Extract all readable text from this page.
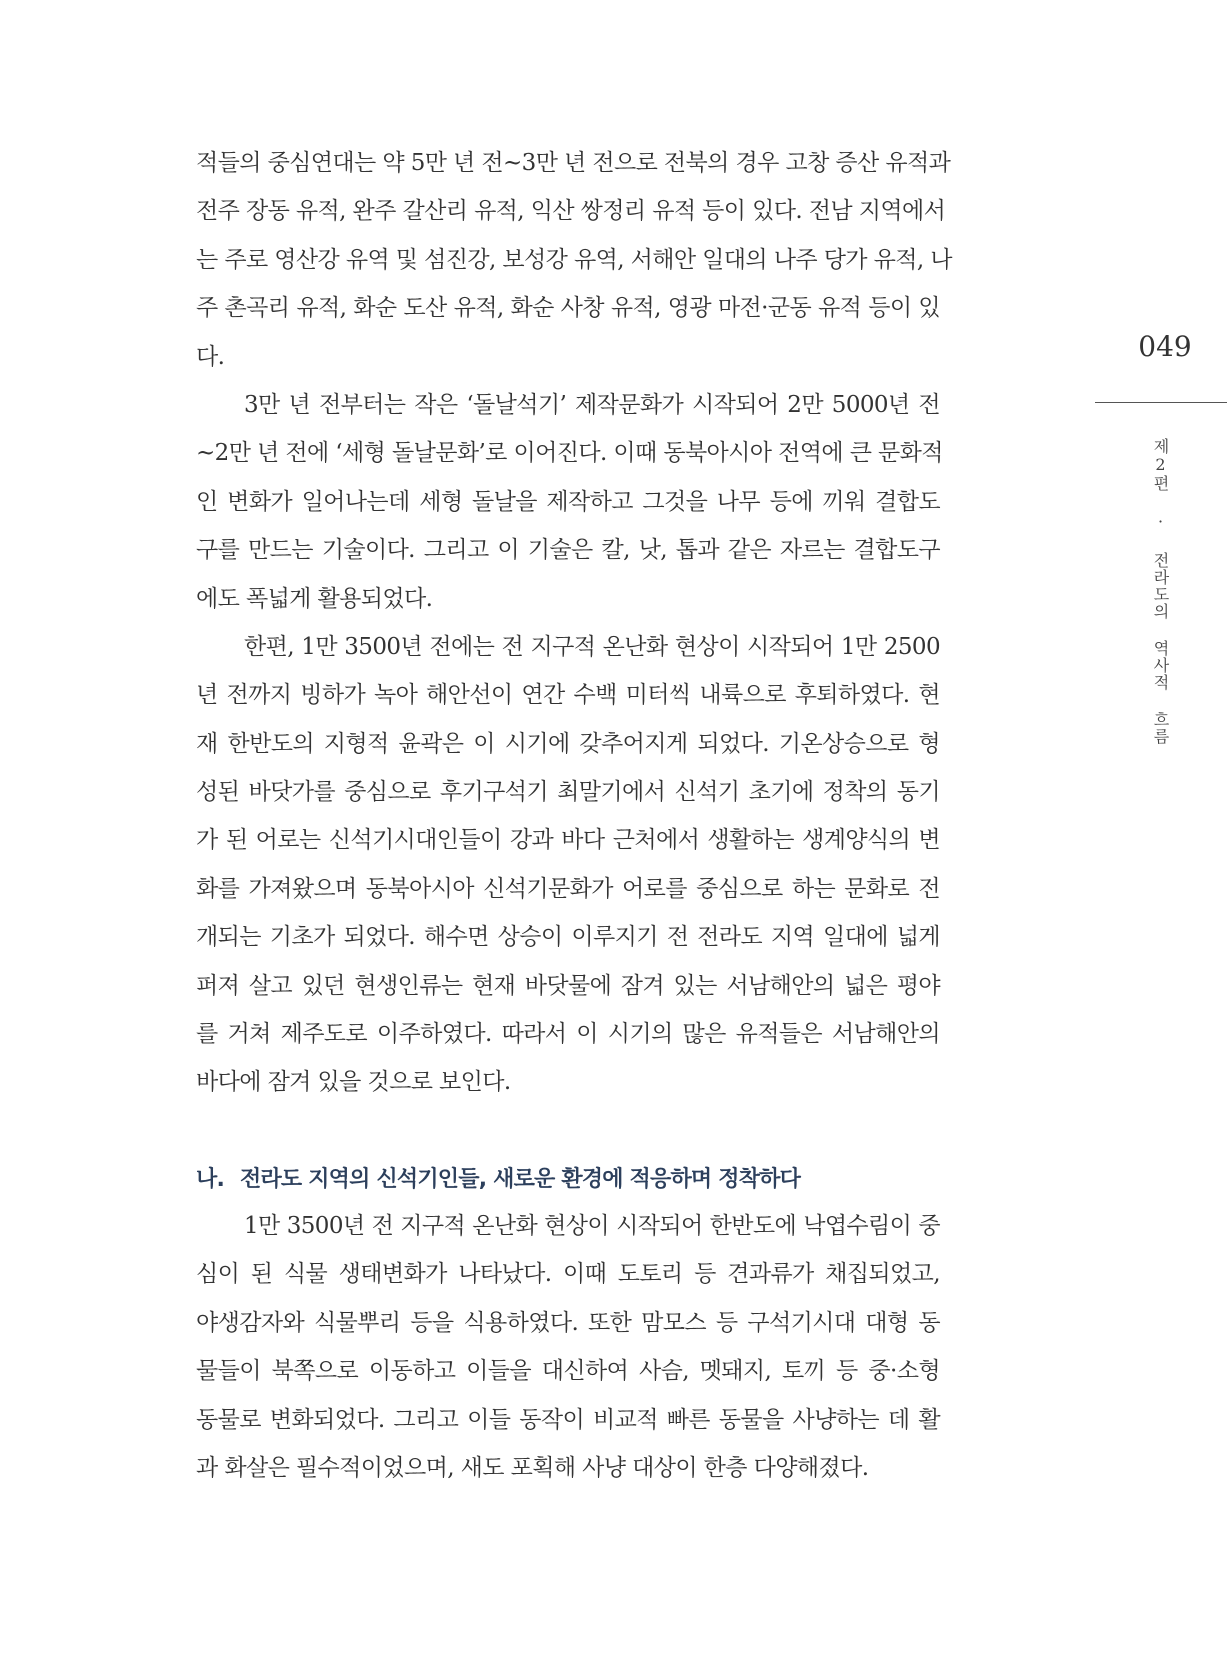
적들의 중심연대는 약 5만 년 전~3만 년 전으로 전북의 경우 고창 증산 유적과
전주 장동 유적, 완주 갈산리 유적, 익산 쌍정리 유적 등이 있다. 전남 지역에서
는 주로 영산강 유역 및 섬진강, 보성강 유역, 서해안 일대의 나주 당가 유적, 나
주 촌곡리 유적, 화순 도산 유적, 화순 사창 유적, 영광 마전·군동 유적 등이 있
다.
3만 년 전부터는 작은 ‘돌날석기’ 제작문화가 시작되어 2만 5000년 전
~2만 년 전에 ‘세형 돌날문화’로 이어진다. 이때 동북아시아 전역에 큰 문화적
인 변화가 일어나는데 세형 돌날을 제작하고 그것을 나무 등에 끼워 결합도
구를 만드는 기술이다. 그리고 이 기술은 칼, 낫, 톱과 같은 자르는 결합도구
에도 폭넓게 활용되었다.
한편, 1만 3500년 전에는 전 지구적 온난화 현상이 시작되어 1만 2500
년 전까지 빙하가 녹아 해안선이 연간 수백 미터씩 내륙으로 후퇴하였다. 현
재 한반도의 지형적 윤곽은 이 시기에 갖추어지게 되었다. 기온상승으로 형
성된 바닷가를 중심으로 후기구석기 최말기에서 신석기 초기에 정착의 동기
가 된 어로는 신석기시대인들이 강과 바다 근처에서 생활하는 생계양식의 변
화를 가져왔으며 동북아시아 신석기문화가 어로를 중심으로 하는 문화로 전
개되는 기초가 되었다. 해수면 상승이 이루지기 전 전라도 지역 일대에 넓게
퍼져 살고 있던 현생인류는 현재 바닷물에 잠겨 있는 서남해안의 넓은 평야
를 거쳐 제주도로 이주하였다. 따라서 이 시기의 많은 유적들은 서남해안의
바다에 잠겨 있을 것으로 보인다.
나. 전라도 지역의 신석기인들, 새로운 환경에 적응하며 정착하다
1만 3500년 전 지구적 온난화 현상이 시작되어 한반도에 낙엽수림이 중
심이 된 식물 생태변화가 나타났다. 이때 도토리 등 견과류가 채집되었고,
야생감자와 식물뿌리 등을 식용하였다. 또한 맘모스 등 구석기시대 대형 동
물들이 북쪽으로 이동하고 이들을 대신하여 사슴, 멧돼지, 토끼 등 중·소형
동물로 변화되었다. 그리고 이들 동작이 비교적 빠른 동물을 사냥하는 데 활
과 화살은 필수적이었으며, 새도 포획해 사냥 대상이 한층 다양해졌다.
049
제2편 · 전라도의 역사적 흐름
